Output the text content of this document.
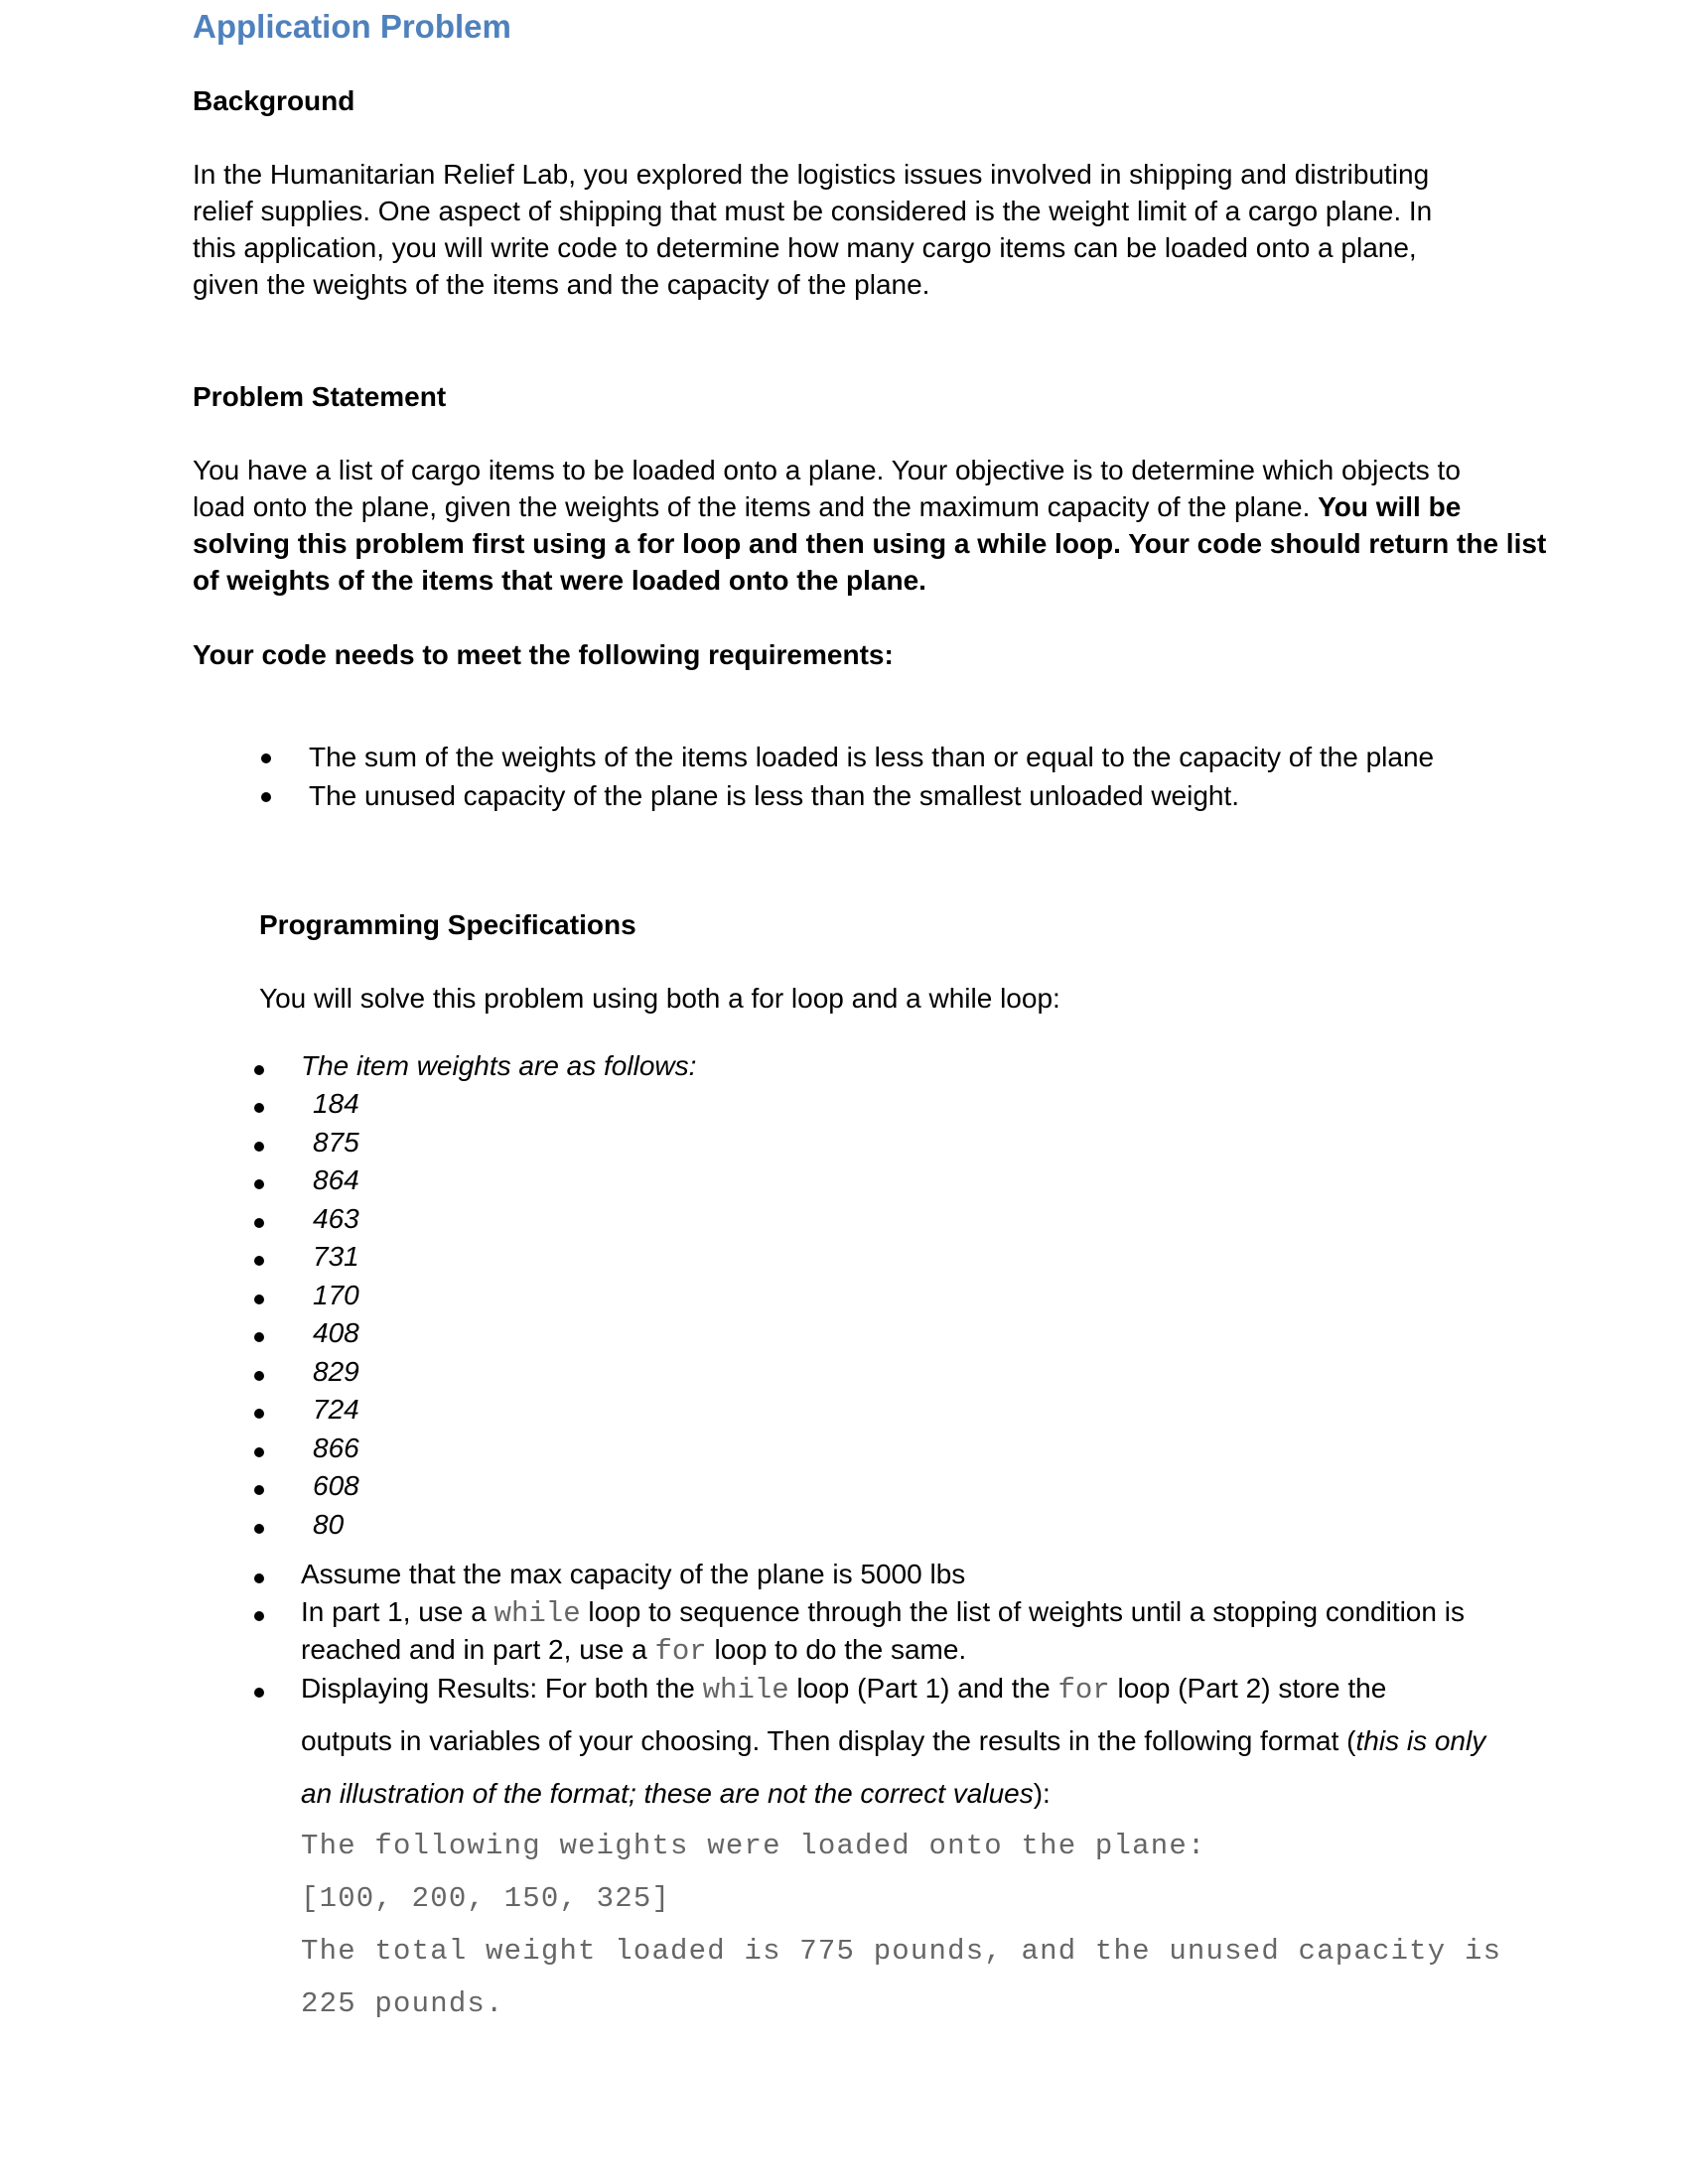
Application Problem
Background
In the Humanitarian Relief Lab, you explored the logistics issues involved in shipping and distributing
relief supplies. One aspect of shipping that must be considered is the weight limit of a cargo plane. In
this application, you will write code to determine how many cargo items can be loaded onto a plane,
given the weights of the items and the capacity of the plane.
Problem Statement
You have a list of cargo items to be loaded onto a plane. Your objective is to determine which objects to
load onto the plane, given the weights of the items and the maximum capacity of the plane. You will be
solving this problem first using a for loop and then using a while loop. Your code should return the list
of weights of the items that were loaded onto the plane.
Your code needs to meet the following requirements:
The sum of the weights of the items loaded is less than or equal to the capacity of the plane
The unused capacity of the plane is less than the smallest unloaded weight.
Programming Specifications
You will solve this problem using both a for loop and a while loop:
The item weights are as follows:
184
875
864
463
731
170
408
829
724
866
608
80
Assume that the max capacity of the plane is 5000 lbs
In part 1, use a while loop to sequence through the list of weights until a stopping condition is
reached and in part 2, use a for loop to do the same.
Displaying Results: For both the while loop (Part 1) and the for loop (Part 2) store the
outputs in variables of your choosing. Then display the results in the following format (this is only
an illustration of the format; these are not the correct values):
The following weights were loaded onto the plane:
[100, 200, 150, 325]
The total weight loaded is 775 pounds, and the unused capacity is
225 pounds.
